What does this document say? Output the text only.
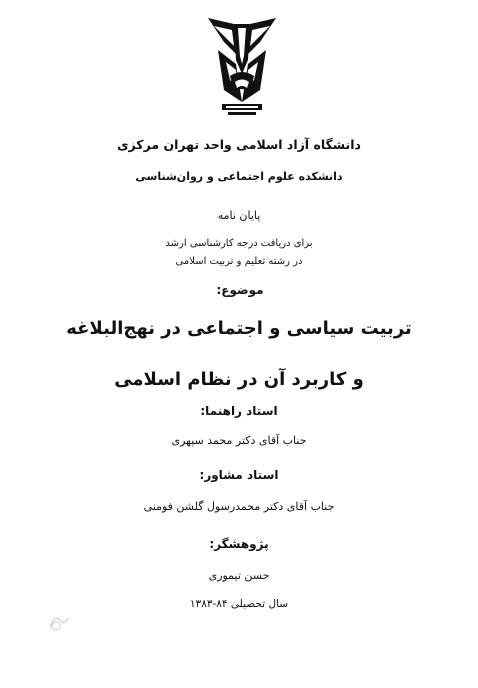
دانشگاه آزاد اسلامی واحد تهران مرکزی
دانشکده علوم اجتماعی و روان‌شناسی
پایان نامه
برای دریافت درجه کارشناسی ارشد
در رشته تعلیم و تربیت اسلامی
موضوع:
تربیت سیاسی و اجتماعی در نهج‌البلاغه
و کاربرد آن در نظام اسلامی
استاد راهنما:
جناب آقای دکتر محمد سپهری
استاد مشاور:
جناب آقای دکتر محمدرسول گلشن فومنی
پژوهشگر:
حسن تیموری
سال تحصیلی ۸۴-۱۳۸۳
